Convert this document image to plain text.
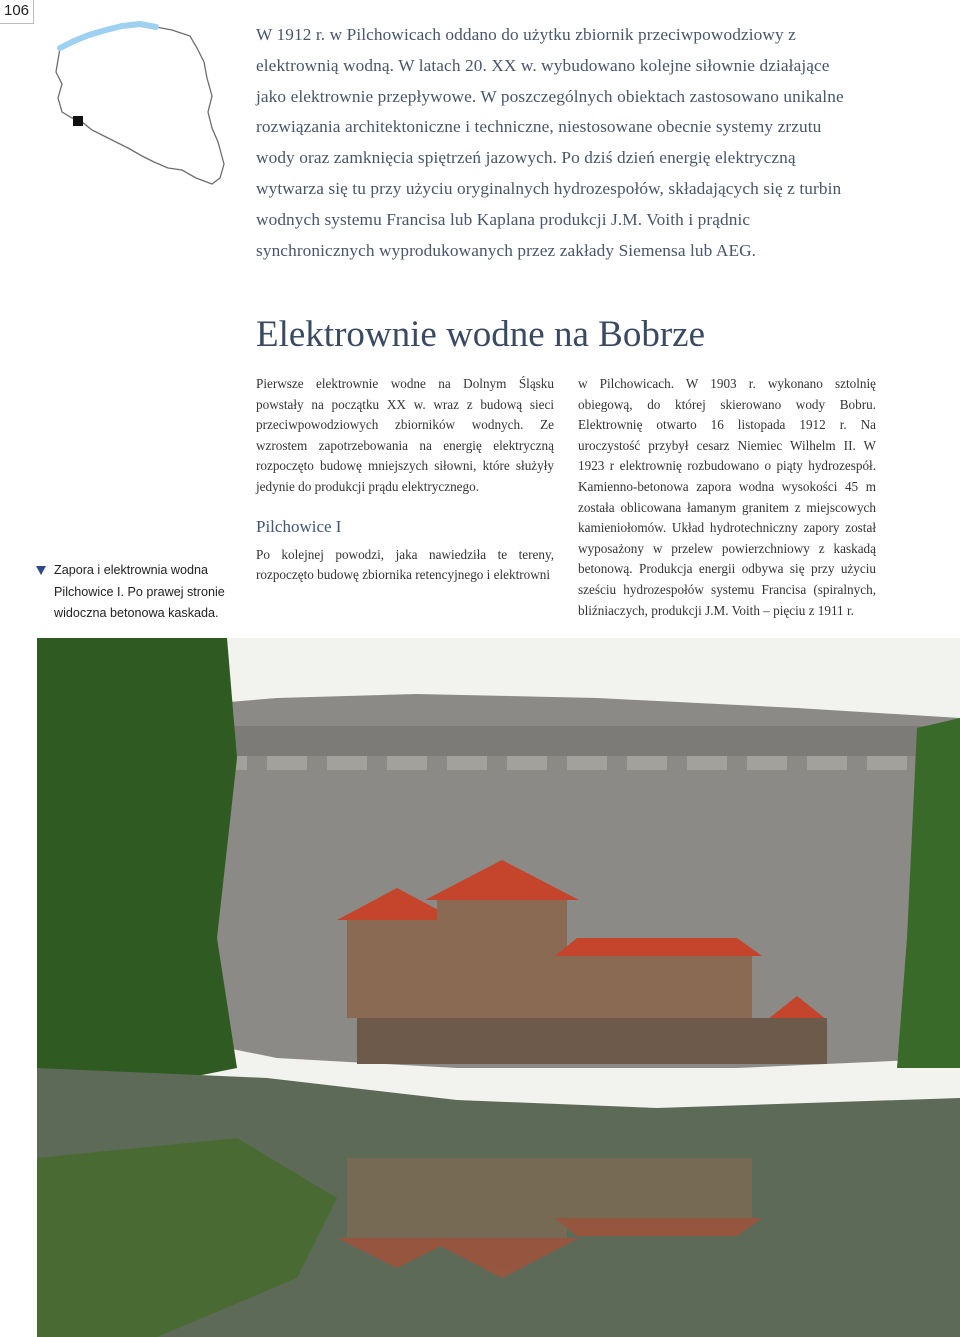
106

W 1912 r. w Pilchowicach oddano do użytku zbiornik przeciwpowodziowy z elektrownią wodną. W latach 20. XX w. wybudowano kolejne siłownie działające jako elektrownie przepływowe. W poszczególnych obiektach zastosowano unikalne rozwiązania architektoniczne i techniczne, niestosowane obecnie systemy zrzutu wody oraz zamknięcia spiętrzeń jazowych. Po dziś dzień energię elektryczną wytwarza się tu przy użyciu oryginalnych hydrozespołów, składających się z turbin wodnych systemu Francisa lub Kaplana produkcji J.M. Voith i prądnic synchronicznych wyprodukowanych przez zakłady Siemensa lub AEG.

Elektrownie wodne na Bobrze

Pierwsze elektrownie wodne na Dolnym Śląsku powstały na początku XX w. wraz z budową sieci przeciwpowodziowych zbiorników wodnych. Ze wzrostem zapotrzebowania na energię elektryczną rozpoczęto budowę mniejszych siłowni, które służyły jedynie do produkcji prądu elektrycznego.

Pilchowice I

Po kolejnej powodzi, jaka nawiedziła te tereny, rozpoczęto budowę zbiornika retencyjnego i elektrowni

w Pilchowicach. W 1903 r. wykonano sztolnię obiegową, do której skierowano wody Bobru. Elektrownię otwarto 16 listopada 1912 r. Na uroczystość przybył cesarz Niemiec Wilhelm II. W 1923 r elektrownię rozbudowano o piąty hydrozespół. Kamienno-betonowa zapora wodna wysokości 45 m została oblicowana łamanym granitem z miejscowych kamieniołomów. Układ hydrotechniczny zapory został wyposażony w przelew powierzchniowy z kaskadą betonową. Produkcja energii odbywa się przy użyciu sześciu hydrozespołów systemu Francisa (spiralnych, bliźniaczych, produkcji J.M. Voith – pięciu z 1911 r.

Zapora i elektrownia wodna Pilchowice I. Po prawej stronie widoczna betonowa kaskada.
